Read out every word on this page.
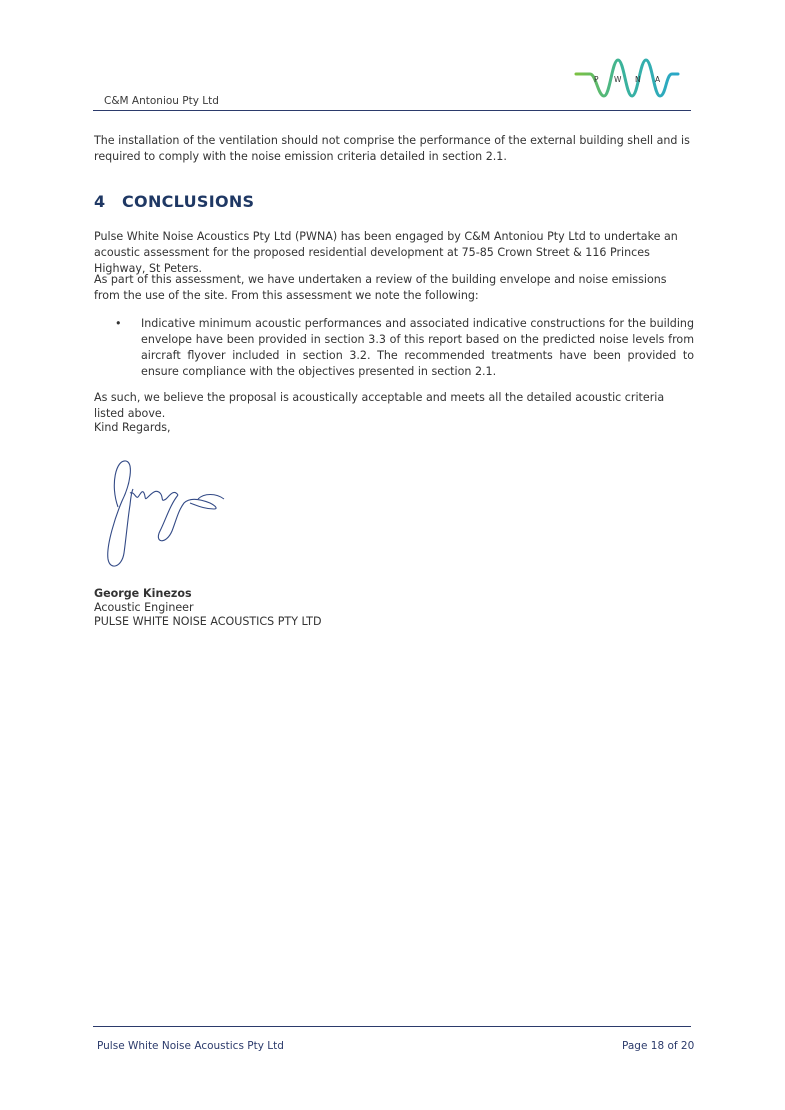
P W N A
C&M Antoniou Pty Ltd

The installation of the ventilation should not comprise the performance of the external building shell and is required to comply with the noise emission criteria detailed in section 2.1.

4 CONCLUSIONS

Pulse White Noise Acoustics Pty Ltd (PWNA) has been engaged by C&M Antoniou Pty Ltd to undertake an acoustic assessment for the proposed residential development at 75-85 Crown Street & 116 Princes Highway, St Peters.

As part of this assessment, we have undertaken a review of the building envelope and noise emissions from the use of the site. From this assessment we note the following:

• Indicative minimum acoustic performances and associated indicative constructions for the building envelope have been provided in section 3.3 of this report based on the predicted noise levels from aircraft flyover included in section 3.2. The recommended treatments have been provided to ensure compliance with the objectives presented in section 2.1.

As such, we believe the proposal is acoustically acceptable and meets all the detailed acoustic criteria listed above.

Kind Regards,

George Kinezos

Acoustic Engineer

PULSE WHITE NOISE ACOUSTICS PTY LTD

Pulse White Noise Acoustics Pty Ltd	Page 18 of 20
